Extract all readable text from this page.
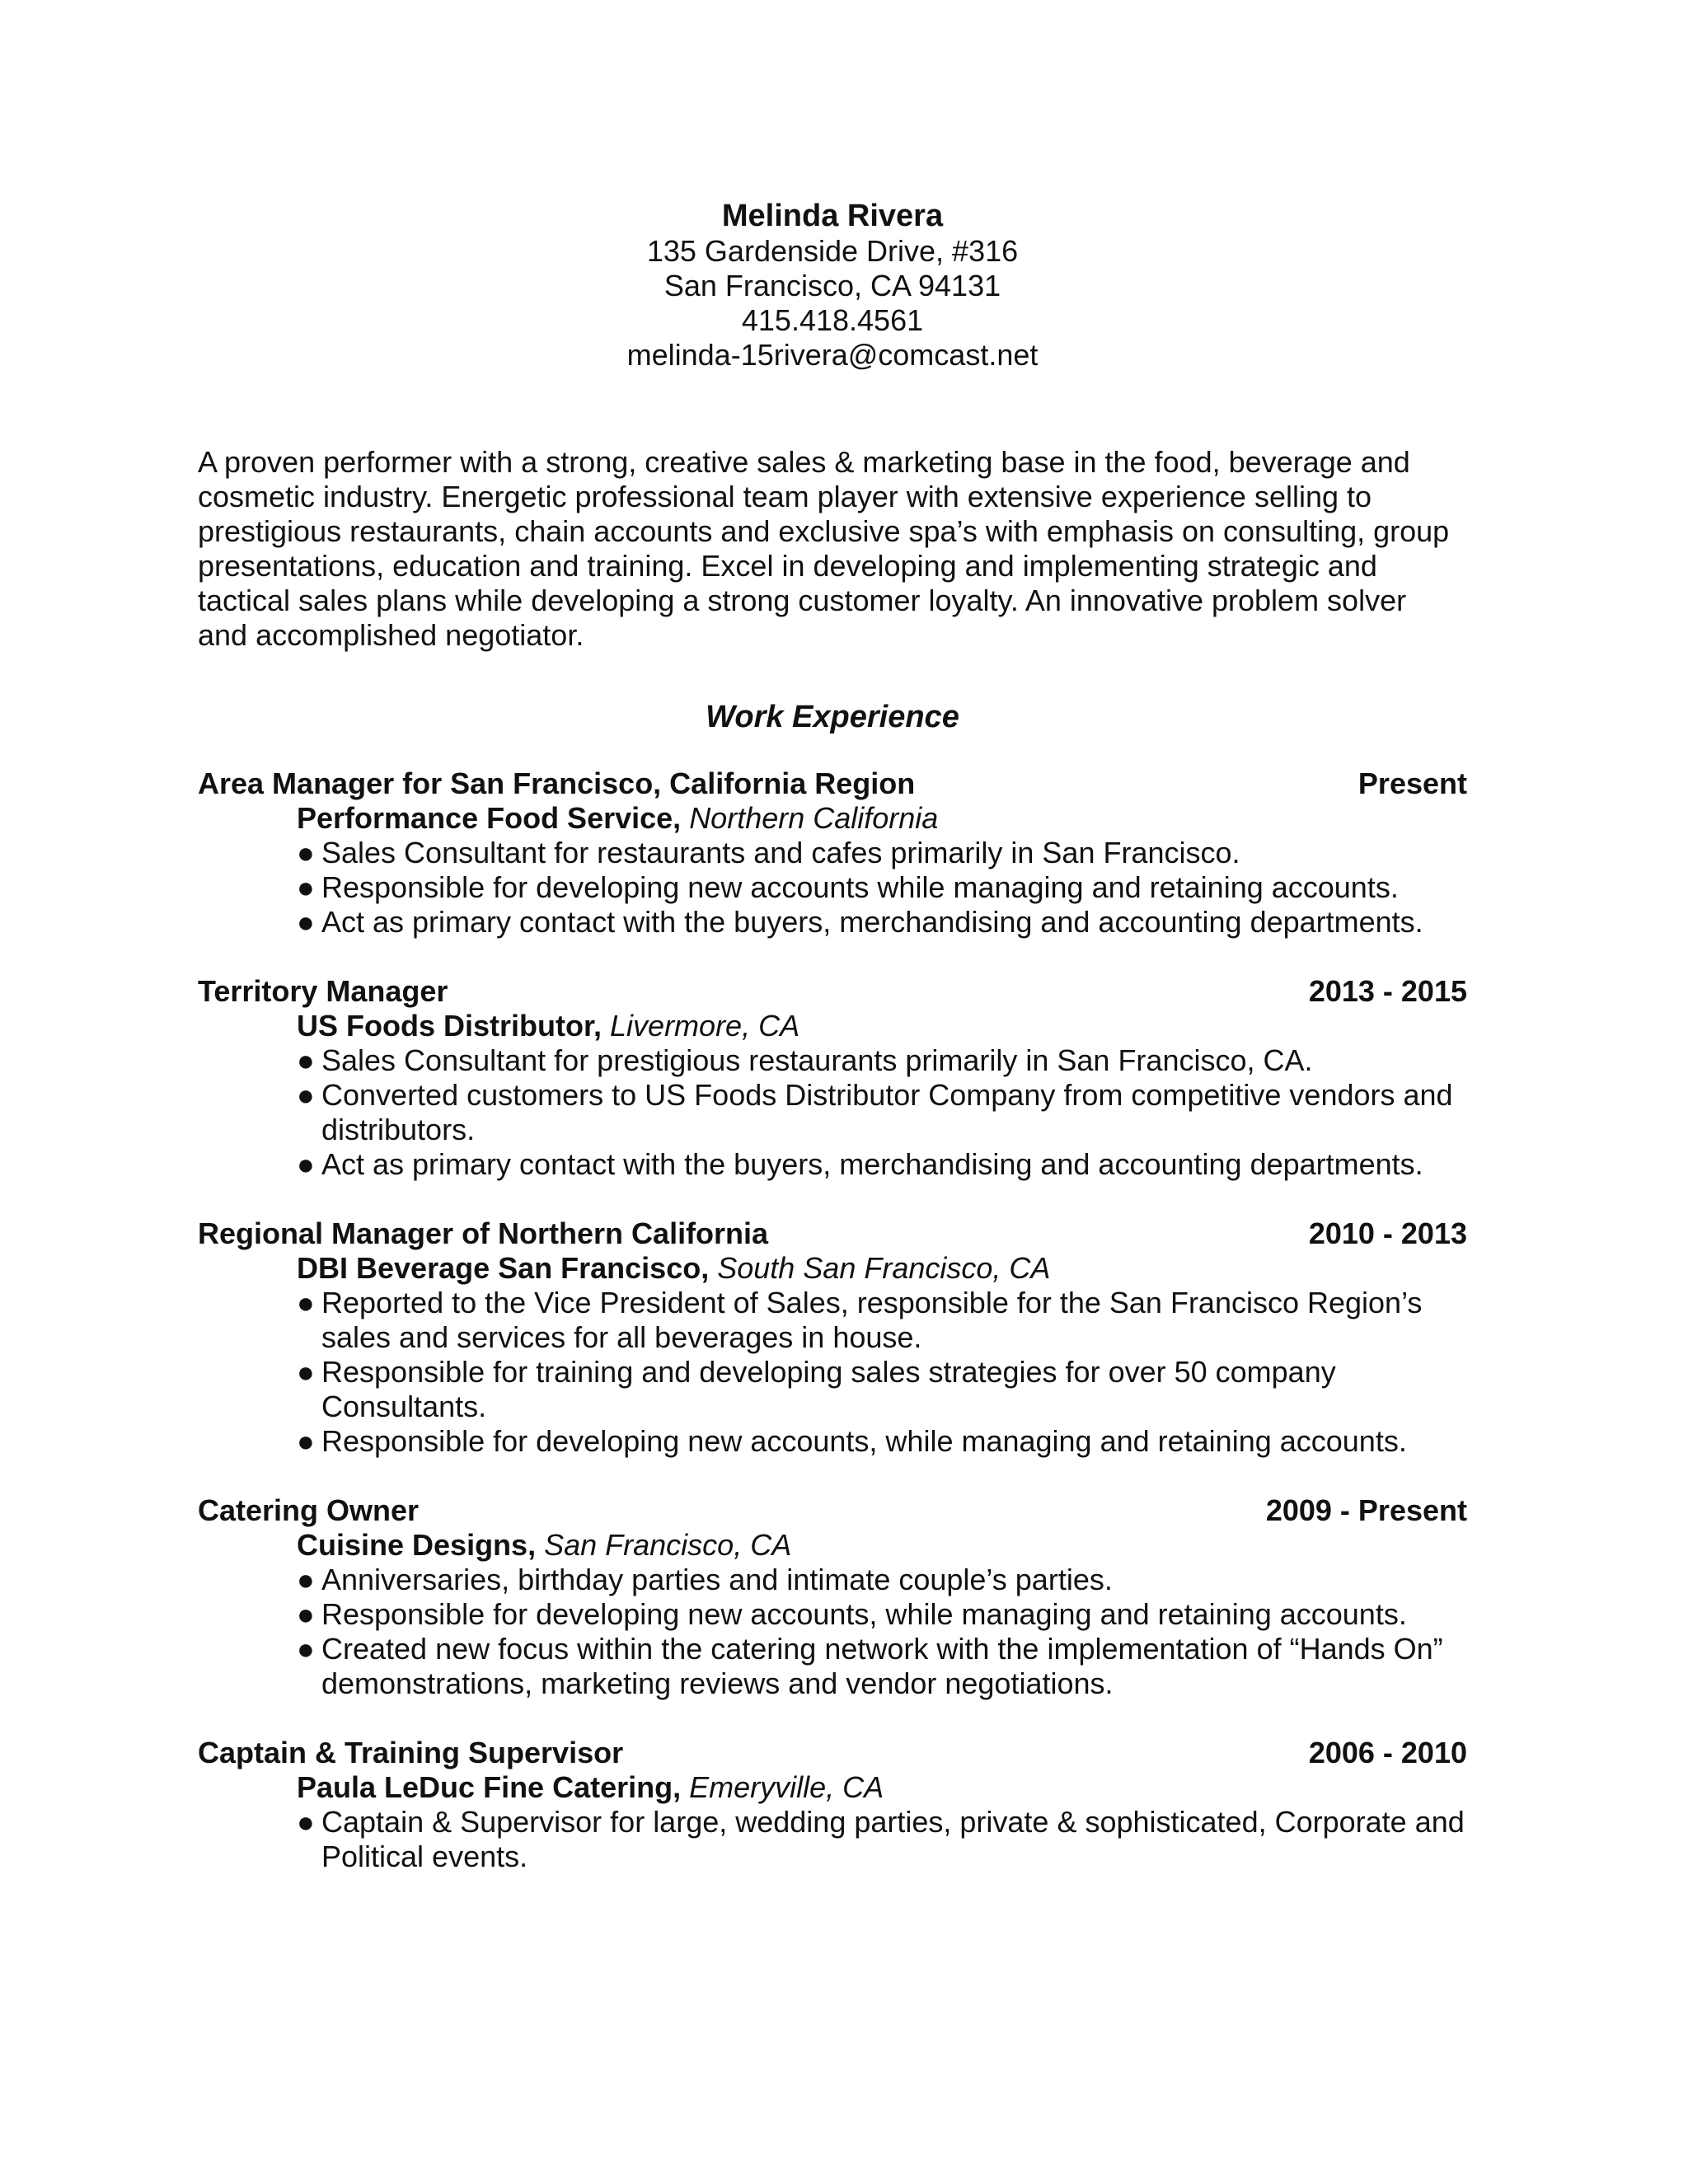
Melinda Rivera
135 Gardenside Drive, #316
San Francisco, CA 94131
415.418.4561
melinda-15rivera@comcast.net
A proven performer with a strong, creative sales & marketing base in the food, beverage and
cosmetic industry. Energetic professional team player with extensive experience selling to
prestigious restaurants, chain accounts and exclusive spa’s with emphasis on consulting, group
presentations, education and training. Excel in developing and implementing strategic and
tactical sales plans while developing a strong customer loyalty. An innovative problem solver
and accomplished negotiator.
Work Experience
Area Manager for San Francisco, California Region	Present
Performance Food Service, Northern California
● Sales Consultant for restaurants and cafes primarily in San Francisco.
● Responsible for developing new accounts while managing and retaining accounts.
● Act as primary contact with the buyers, merchandising and accounting departments.
Territory Manager	2013 - 2015
US Foods Distributor, Livermore, CA
● Sales Consultant for prestigious restaurants primarily in San Francisco, CA.
● Converted customers to US Foods Distributor Company from competitive vendors and distributors.
● Act as primary contact with the buyers, merchandising and accounting departments.
Regional Manager of Northern California	2010 - 2013
DBI Beverage San Francisco, South San Francisco, CA
● Reported to the Vice President of Sales, responsible for the San Francisco Region’s sales and services for all beverages in house.
● Responsible for training and developing sales strategies for over 50 company Consultants.
● Responsible for developing new accounts, while managing and retaining accounts.
Catering Owner	2009 - Present
Cuisine Designs, San Francisco, CA
● Anniversaries, birthday parties and intimate couple’s parties.
● Responsible for developing new accounts, while managing and retaining accounts.
● Created new focus within the catering network with the implementation of “Hands On” demonstrations, marketing reviews and vendor negotiations.
Captain & Training Supervisor	2006 - 2010
Paula LeDuc Fine Catering, Emeryville, CA
● Captain & Supervisor for large, wedding parties, private & sophisticated, Corporate and Political events.
